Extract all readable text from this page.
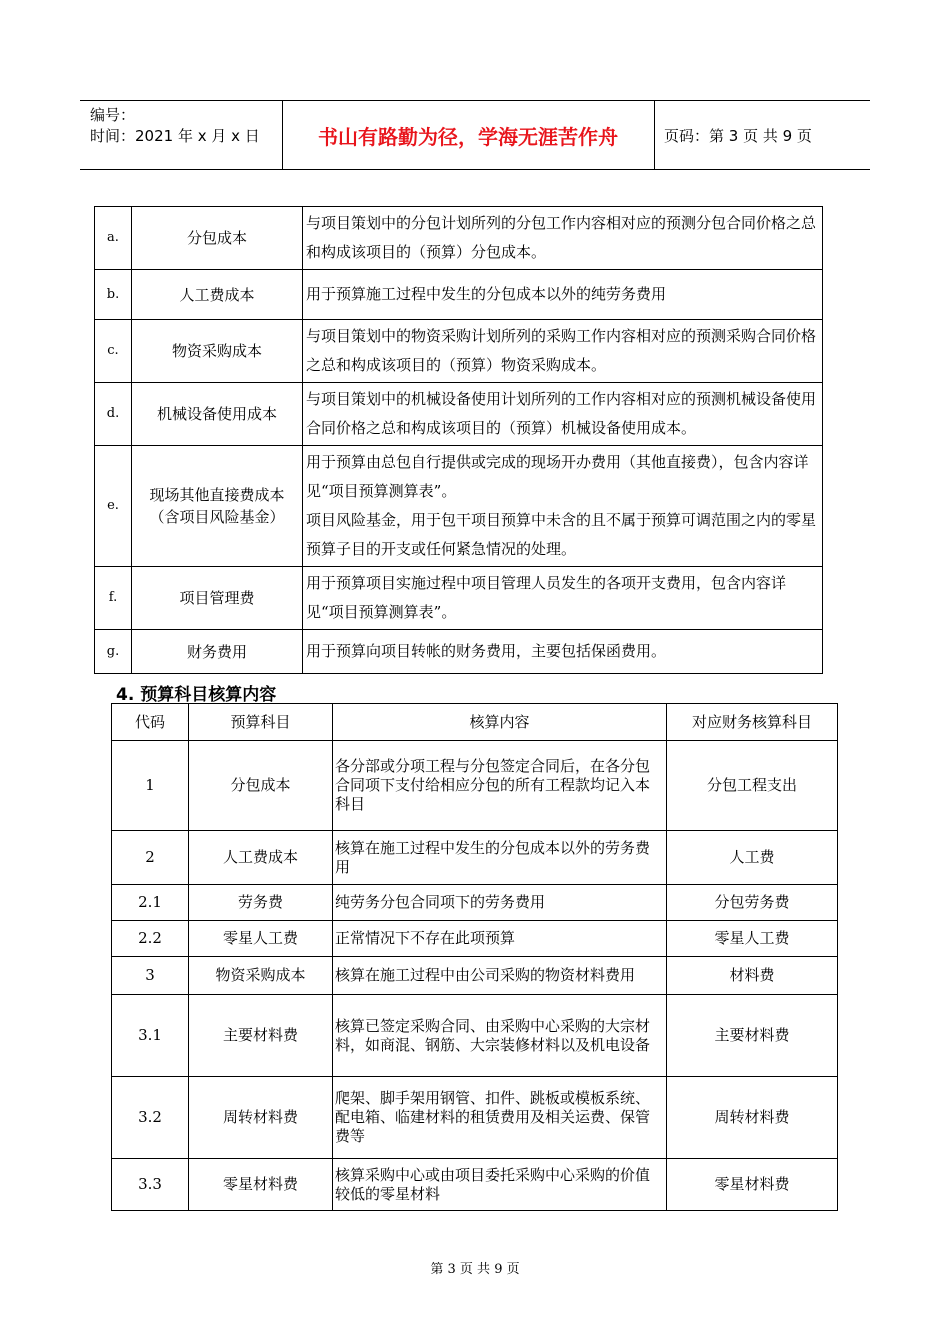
编号：
时间：2021 年 x 月 x 日	书山有路勤为径，学海无涯苦作舟	页码：第 3 页 共 9 页
a.	分包成本	与项目策划中的分包计划所列的分包工作内容相对应的预测分包合同价格之总和构成该项目的（预算）分包成本。

b.	人工费成本	用于预算施工过程中发生的分包成本以外的纯劳务费用

c.	物资采购成本	与项目策划中的物资采购计划所列的采购工作内容相对应的预测采购合同价格之总和构成该项目的（预算）物资采购成本。

d.	机械设备使用成本	与项目策划中的机械设备使用计划所列的工作内容相对应的预测机械设备使用合同价格之总和构成该项目的（预算）机械设备使用成本。

e.	现场其他直接费成本（含项目风险基金）	用于预算由总包自行提供或完成的现场开办费用（其他直接费），包含内容详见“项目预算测算表”。
项目风险基金，用于包干项目预算中未含的且不属于预算可调范围之内的零星预算子目的开支或任何紧急情况的处理。

f.	项目管理费	用于预算项目实施过程中项目管理人员发生的各项开支费用，包含内容详见“项目预算测算表”。

g.	财务费用	用于预算向项目转帐的财务费用，主要包括保函费用。
4. 预算科目核算内容
代码	预算科目	核算内容	对应财务核算科目
1	分包成本	各分部或分项工程与分包签定合同后，在各分包合同项下支付给相应分包的所有工程款均记入本科目	分包工程支出
2	人工费成本	核算在施工过程中发生的分包成本以外的劳务费用	人工费
2.1	劳务费	纯劳务分包合同项下的劳务费用	分包劳务费
2.2	零星人工费	正常情况下不存在此项预算	零星人工费
3	物资采购成本	核算在施工过程中由公司采购的物资材料费用	材料费
3.1	主要材料费	核算已签定采购合同、由采购中心采购的大宗材料，如商混、钢筋、大宗装修材料以及机电设备	主要材料费
3.2	周转材料费	爬架、脚手架用钢管、扣件、跳板或模板系统、配电箱、临建材料的租赁费用及相关运费、保管费等	周转材料费
3.3	零星材料费	核算采购中心或由项目委托采购中心采购的价值较低的零星材料	零星材料费
第 3 页 共 9 页
